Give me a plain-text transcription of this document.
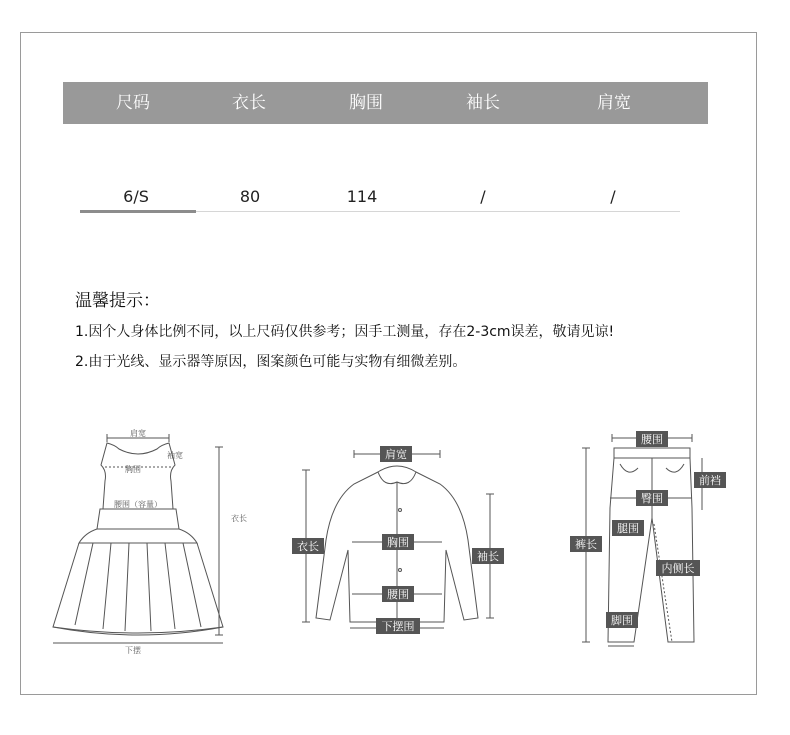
尺码	衣长	胸围	袖长	肩宽
6/S	80	114	/	/
温馨提示：
1.因个人身体比例不同，以上尺码仅供参考；因手工测量，存在2-3cm误差，敬请见谅!
2.由于光线、显示器等原因，图案颜色可能与实物有细微差别。
肩宽
胸围
袖宽
腰围（容量）
衣长
下摆
肩宽
衣长	胸围
袖长
腰围
下摆围
腰围
前裆
臀围
腿围
裤长
内侧长
脚围
